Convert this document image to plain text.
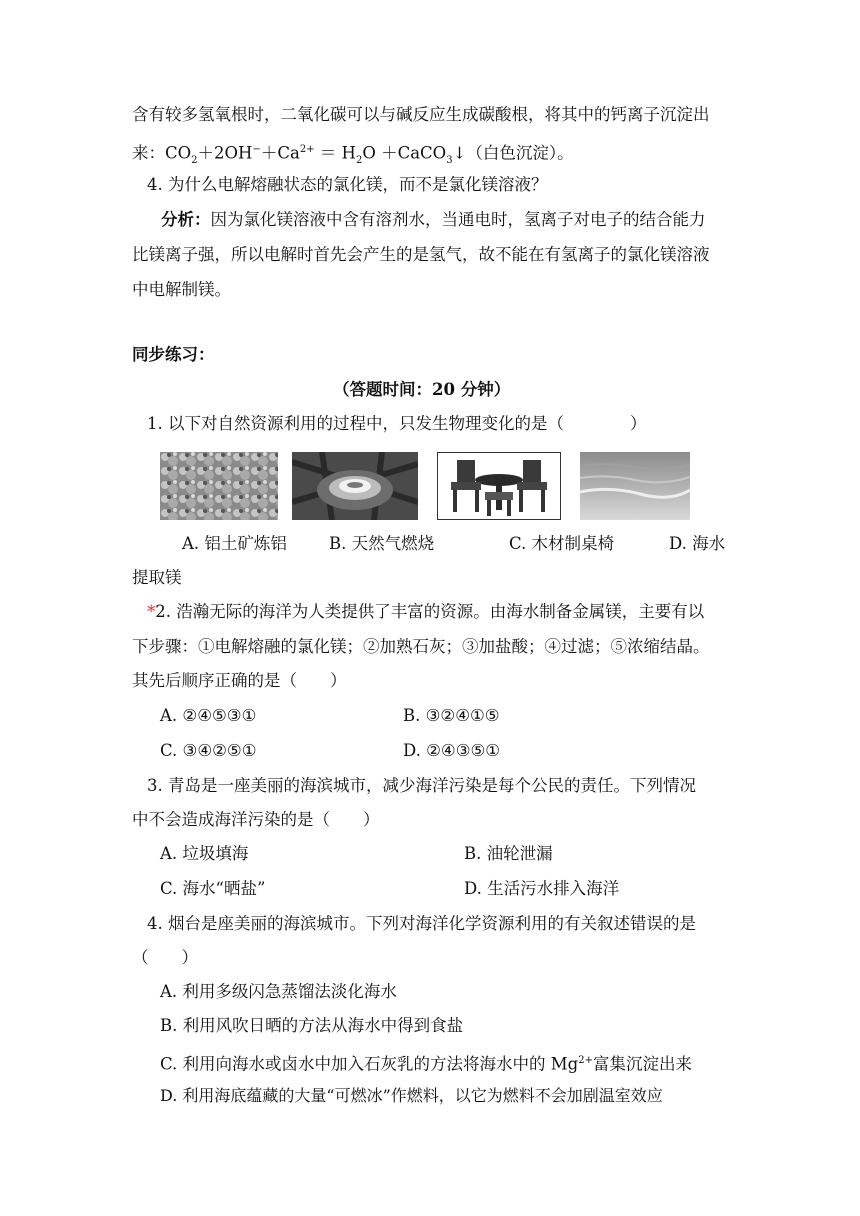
含有较多氢氧根时，二氧化碳可以与碱反应生成碳酸根，将其中的钙离子沉淀出
来：$CO_2+2OH^-+Ca^{2+} = H_2O$ ＋CaCO$_3$↓（白色沉淀）。
4. 为什么电解熔融状态的氯化镁，而不是氯化镁溶液？
分析：因为氯化镁溶液中含有溶剂水，当通电时，氢离子对电子的结合能力
比镁离子强，所以电解时首先会产生的是氢气，故不能在有氢离子的氯化镁溶液
中电解制镁。
同步练习：
（答题时间：20 分钟）
1. 以下对自然资源利用的过程中，只发生物理变化的是（　　　　）
A. 铝土矿炼铝	B. 天然气燃烧	C. 木材制桌椅	D. 海水
提取镁
*2. 浩瀚无际的海洋为人类提供了丰富的资源。由海水制备金属镁，主要有以
下步骤：①电解熔融的氯化镁；②加熟石灰；③加盐酸；④过滤；⑤浓缩结晶。
其先后顺序正确的是（　　）
A. ②④⑤③①	B. ③②④①⑤
C. ③④②⑤①	D. ②④③⑤①
3. 青岛是一座美丽的海滨城市，减少海洋污染是每个公民的责任。下列情况
中不会造成海洋污染的是（　　）
A. 垃圾填海	B. 油轮泄漏
C. 海水“晒盐”	D. 生活污水排入海洋
4. 烟台是座美丽的海滨城市。下列对海洋化学资源利用的有关叙述错误的是
（　　）
A. 利用多级闪急蒸馏法淡化海水
B. 利用风吹日晒的方法从海水中得到食盐
C. 利用向海水或卤水中加入石灰乳的方法将海水中的 $Mg^{2+}$富集沉淀出来
D. 利用海底蕴藏的大量“可燃冰”作燃料，以它为燃料不会加剧温室效应
